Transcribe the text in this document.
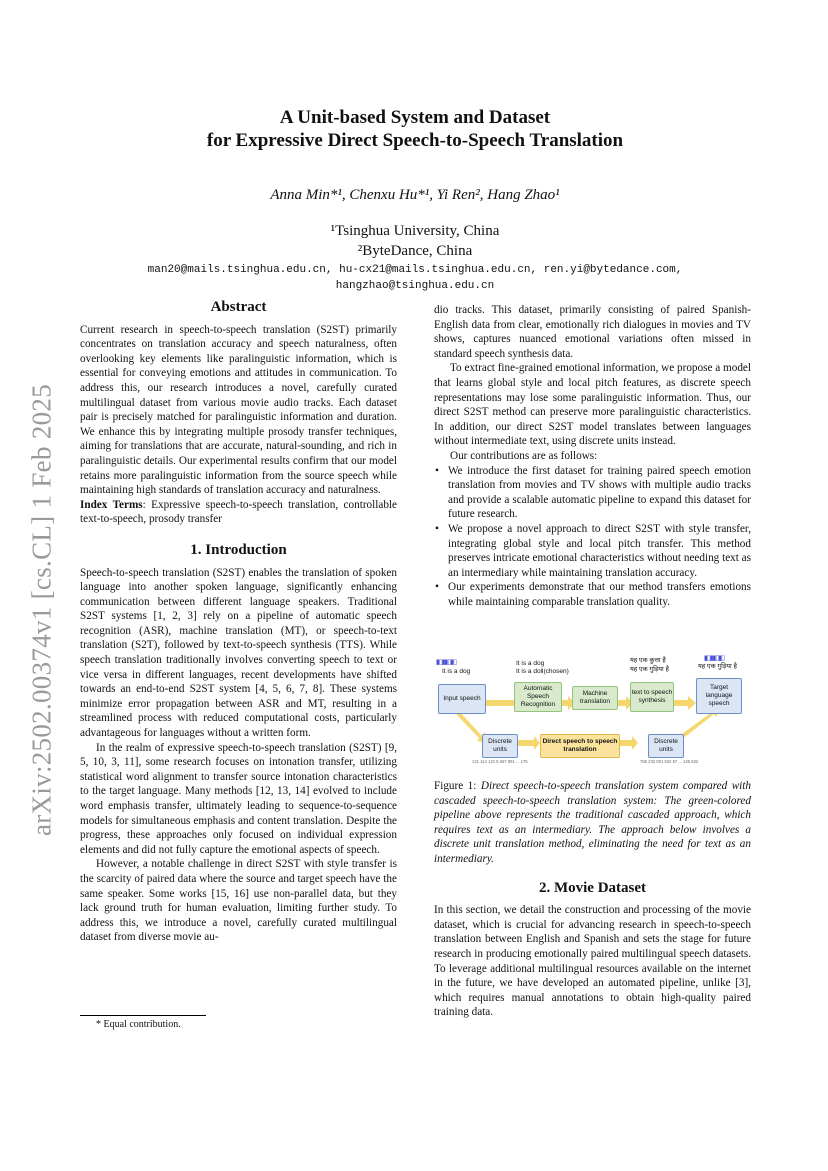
arXiv:2502.00374v1 [cs.CL] 1 Feb 2025
A Unit-based System and Dataset
for Expressive Direct Speech-to-Speech Translation
Anna Min*¹, Chenxu Hu*¹, Yi Ren², Hang Zhao¹
¹Tsinghua University, China
²ByteDance, China
man20@mails.tsinghua.edu.cn, hu-cx21@mails.tsinghua.edu.cn, ren.yi@bytedance.com,
hangzhao@tsinghua.edu.cn

Abstract

Current research in speech-to-speech translation (S2ST) primarily concentrates on translation accuracy and speech naturalness, often overlooking key elements like paralinguistic information, which is essential for conveying emotions and attitudes in communication. To address this, our research introduces a novel, carefully curated multilingual dataset from various movie audio tracks. Each dataset pair is precisely matched for paralinguistic information and duration. We enhance this by integrating multiple prosody transfer techniques, aiming for translations that are accurate, natural-sounding, and rich in paralinguistic details. Our experimental results confirm that our model retains more paralinguistic information from the source speech while maintaining high standards of translation accuracy and naturalness.

Index Terms: Expressive speech-to-speech translation, controllable text-to-speech, prosody transfer

1. Introduction

Speech-to-speech translation (S2ST) enables the translation of spoken language into another spoken language, significantly enhancing communication between different language speakers. Traditional S2ST systems [1, 2, 3] rely on a pipeline of automatic speech recognition (ASR), machine translation (MT), or speech-to-text translation (S2T), followed by text-to-speech synthesis (TTS). While speech translation traditionally involves converting speech to text or vice versa in different languages, recent developments have shifted towards an end-to-end S2ST system [4, 5, 6, 7, 8]. These systems minimize error propagation between ASR and MT, resulting in a streamlined process with reduced computational costs, particularly advantageous for languages without a written form.

In the realm of expressive speech-to-speech translation (S2ST) [9, 5, 10, 3, 11], some research focuses on intonation transfer, utilizing statistical word alignment to transfer source intonation characteristics to the target language. Many methods [12, 13, 14] evolved to include word emphasis transfer, ultimately leading to sequence-to-sequence models for simultaneous emphasis and content translation. Despite the progress, these approaches only focused on individual expression elements and did not fully capture the emotional aspects of speech.

However, a notable challenge in direct S2ST with style transfer is the scarcity of paired data where the source and target speech have the same speaker. Some works [15, 16] use non-parallel data, but they lack ground truth for human evaluation, limiting further study. To address this, we introduce a novel, carefully curated multilingual dataset from diverse movie au-

* Equal contribution.

dio tracks. This dataset, primarily consisting of paired Spanish-English data from clear, emotionally rich dialogues in movies and TV shows, captures nuanced emotional variations often missed in standard speech synthesis data.

To extract fine-grained emotional information, we propose a model that learns global style and local pitch features, as discrete speech representations may lose some paralinguistic information. Thus, our direct S2ST method can preserve more paralinguistic characteristics. In addition, our direct S2ST model translates between languages without intermediate text, using discrete units instead.

Our contributions are as follows:

• We introduce the first dataset for training paired speech emotion translation from movies and TV shows with multiple audio tracks and provide a scalable automatic pipeline to expand this dataset for future research.

• We propose a novel approach to direct S2ST with style transfer, integrating global style and local pitch transfer. This method preserves intricate emotional characteristics without needing text as an intermediary while maintaining translation accuracy.

• Our experiments demonstrate that our method transfers emotions while maintaining comparable translation quality.

▮▯▮▮▯▮▯
It is a dog
It is a dog
It is a doll(chosen)
यह एक कुत्ता है
यह एक गुड़िया है
▮▯▮▮▯▮▯
यह एक गुड़िया है
Input speech
Automatic Speech Recognition
Machine translation
text to speech synthesis
Target language speech
Discrete units
Direct speech to speech translation
Discrete units
121 114 122 5 567 891 ... 175	765 232 001 532 67 ... 135 532

Figure 1: Direct speech-to-speech translation system compared with cascaded speech-to-speech translation system: The green-colored pipeline above represents the traditional cascaded approach, which requires text as an intermediary. The approach below involves a discrete unit translation method, eliminating the need for text as an intermediary.

2. Movie Dataset

In this section, we detail the construction and processing of the movie dataset, which is crucial for advancing research in speech-to-speech translation between English and Spanish and sets the stage for future research in producing emotionally paired multilingual speech datasets. To leverage additional multilingual resources available on the internet in the future, we have developed an automated pipeline, unlike [3], which requires manual annotations to obtain high-quality paired training data.
